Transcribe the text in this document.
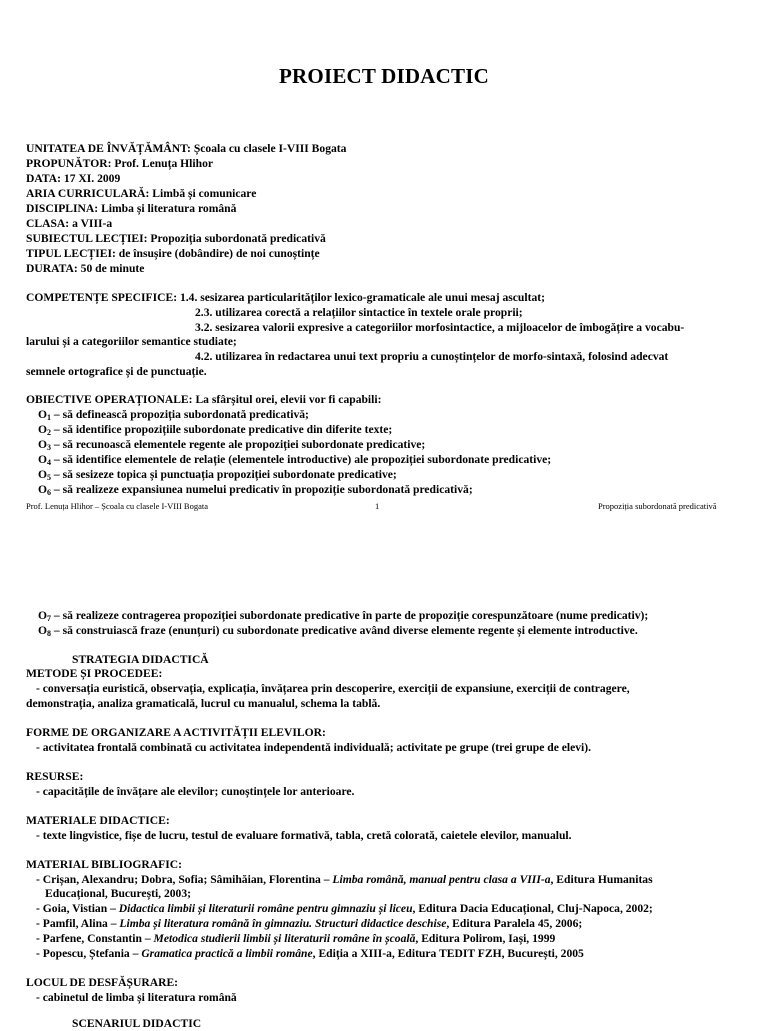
PROIECT DIDACTIC
UNITATEA DE ÎNVĂȚĂMÂNT: Școala cu clasele I-VIII Bogata
PROPUNĂTOR: Prof. Lenuța Hlihor
DATA: 17 XI. 2009
ARIA CURRICULARĂ: Limbă și comunicare
DISCIPLINA: Limba și literatura română
CLASA: a VIII-a
SUBIECTUL LECȚIEI: Propoziția subordonată predicativă
TIPUL LECȚIEI: de însușire (dobândire) de noi cunoștințe
DURATA: 50 de minute
COMPETENȚE SPECIFICE: 1.4. sesizarea particularităților lexico-gramaticale ale unui mesaj ascultat;
2.3. utilizarea corectă a relațiilor sintactice în textele orale proprii;
3.2. sesizarea valorii expresive a categoriilor morfosintactice, a mijloacelor de îmbogățire a vocabu-
larului și a categoriilor semantice studiate;
4.2. utilizarea în redactarea unui text propriu a cunoștințelor de morfo-sintaxă, folosind adecvat
semnele ortografice și de punctuație.
OBIECTIVE OPERAȚIONALE: La sfârșitul orei, elevii vor fi capabili:
$O_1$ – să definească propoziția subordonată predicativă;
$O_2$ – să identifice propozițiile subordonate predicative din diferite texte;
$O_3$ – să recunoască elementele regente ale propoziției subordonate predicative;
$O_4$ – să identifice elementele de relație (elementele introductive) ale propoziției subordonate predicative;
$O_5$ – să sesizeze topica și punctuația propoziției subordonate predicative;
$O_6$ – să realizeze expansiunea numelui predicativ în propoziție subordonată predicativă;
Prof. Lenuța Hlihor – Școala cu clasele I-VIII Bogata	1	Propoziția subordonată predicativă
$O_7$ – să realizeze contragerea propoziției subordonate predicative în parte de propoziție corespunzătoare (nume predicativ);
$O_8$ – să construiască fraze (enunțuri) cu subordonate predicative având diverse elemente regente și elemente introductive.
STRATEGIA DIDACTICĂ
METODE ȘI PROCEDEE:
- conversația euristică, observația, explicația, învățarea prin descoperire, exerciții de expansiune, exerciții de contragere,
demonstrația, analiza gramaticală, lucrul cu manualul, schema la tablă.
FORME DE ORGANIZARE A ACTIVITĂȚII ELEVILOR:
- activitatea frontală combinată cu activitatea independentă individuală; activitate pe grupe (trei grupe de elevi).
RESURSE:
- capacitățile de învățare ale elevilor; cunoștințele lor anterioare.
MATERIALE DIDACTICE:
- texte lingvistice, fișe de lucru, testul de evaluare formativă, tabla, cretă colorată, caietele elevilor, manualul.
MATERIAL BIBLIOGRAFIC:
- Crișan, Alexandru; Dobra, Sofia; Sâmihăian, Florentina – Limba română, manual pentru clasa a VIII-a, Editura Humanitas
Educațional, București, 2003;
- Goia, Vistian – Didactica limbii și literaturii române pentru gimnaziu și liceu, Editura Dacia Educațional, Cluj-Napoca, 2002;
- Pamfil, Alina – Limba și literatura română în gimnaziu. Structuri didactice deschise, Editura Paralela 45, 2006;
- Parfene, Constantin – Metodica studierii limbii și literaturii române în școală, Editura Polirom, Iași, 1999
- Popescu, Ștefania – Gramatica practică a limbii române, Ediția a XIII-a, Editura TEDIT FZH, București, 2005
LOCUL DE DESFĂȘURARE:
- cabinetul de limba și literatura română
SCENARIUL DIDACTIC
